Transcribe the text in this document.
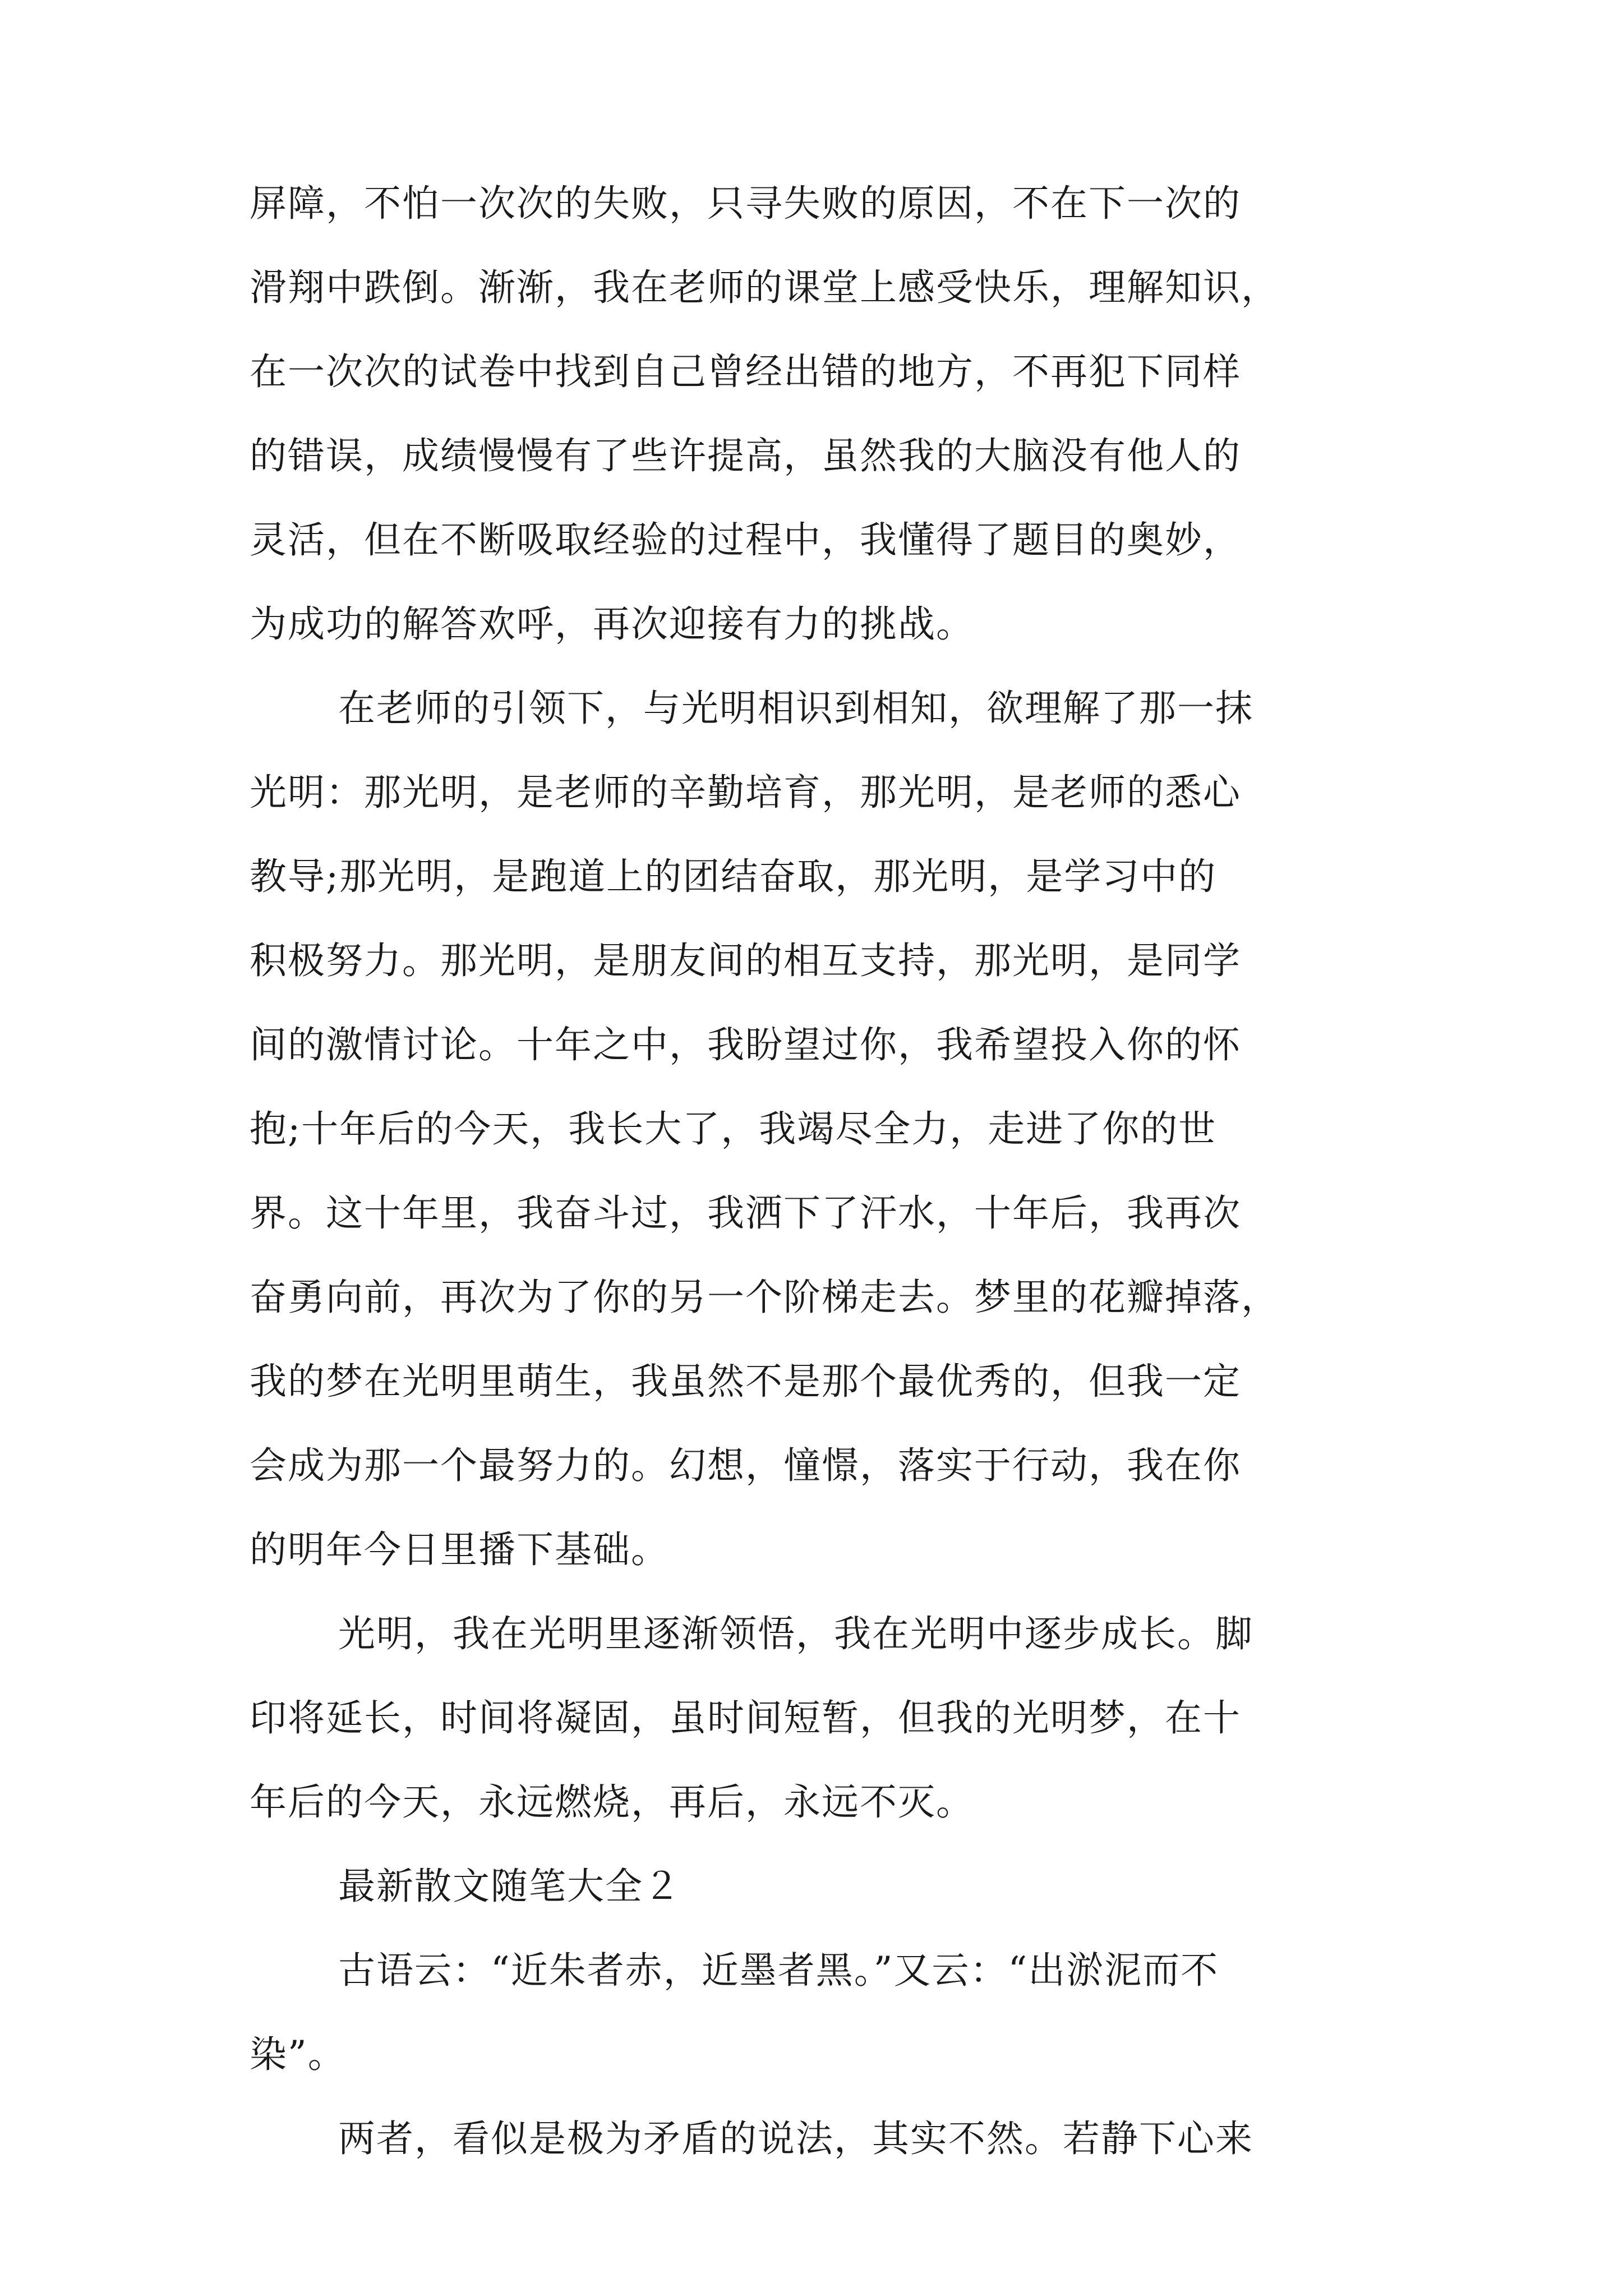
屏障，不怕一次次的失败，只寻失败的原因，不在下一次的
滑翔中跌倒。渐渐，我在老师的课堂上感受快乐，理解知识，
在一次次的试卷中找到自己曾经出错的地方，不再犯下同样
的错误，成绩慢慢有了些许提高，虽然我的大脑没有他人的
灵活，但在不断吸取经验的过程中，我懂得了题目的奥妙，
为成功的解答欢呼，再次迎接有力的挑战。
在老师的引领下，与光明相识到相知，欲理解了那一抹
光明：那光明，是老师的辛勤培育，那光明，是老师的悉心
教导;那光明，是跑道上的团结奋取，那光明，是学习中的
积极努力。那光明，是朋友间的相互支持，那光明，是同学
间的激情讨论。十年之中，我盼望过你，我希望投入你的怀
抱;十年后的今天，我长大了，我竭尽全力，走进了你的世
界。这十年里，我奋斗过，我洒下了汗水，十年后，我再次
奋勇向前，再次为了你的另一个阶梯走去。梦里的花瓣掉落，
我的梦在光明里萌生，我虽然不是那个最优秀的，但我一定
会成为那一个最努力的。幻想，憧憬，落实于行动，我在你
的明年今日里播下基础。
光明，我在光明里逐渐领悟，我在光明中逐步成长。脚
印将延长，时间将凝固，虽时间短暂，但我的光明梦，在十
年后的今天，永远燃烧，再后，永远不灭。
最新散文随笔大全２
古语云：“近朱者赤，近墨者黑。”又云：“出淤泥而不
染”。
两者，看似是极为矛盾的说法，其实不然。若静下心来
